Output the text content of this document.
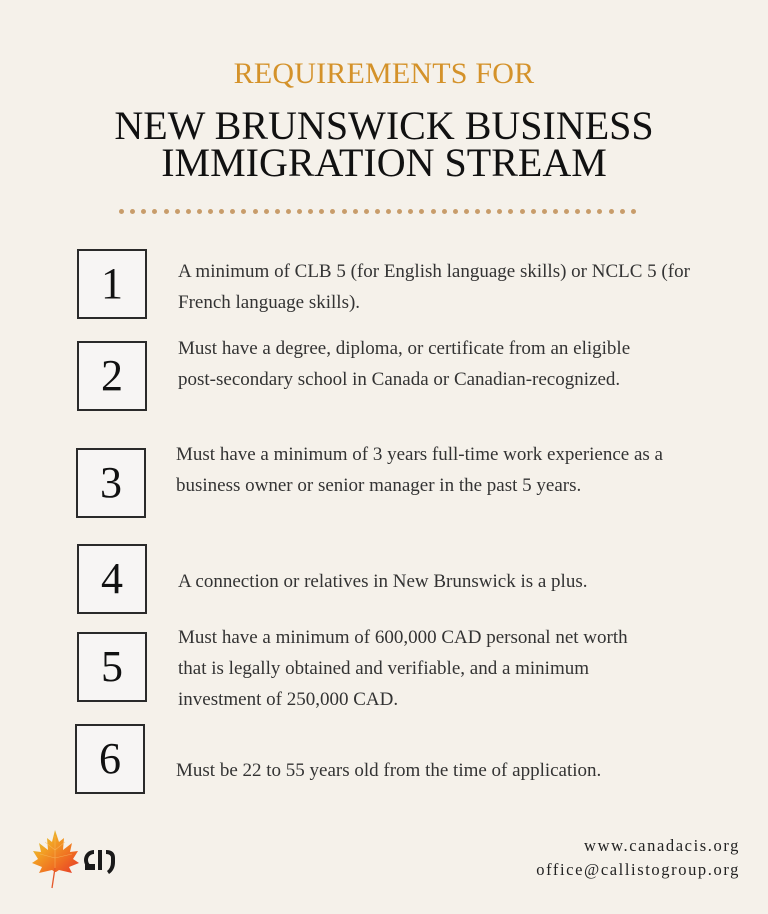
REQUIREMENTS FOR
NEW BRUNSWICK BUSINESS
IMMIGRATION STREAM
1	A minimum of CLB 5 (for English language skills) or NCLC 5 (for French language skills).
2
Must have a degree, diploma, or certificate from an eligible post-secondary school in Canada or Canadian-recognized.
3
Must have a minimum of 3 years full-time work experience as a business owner or senior manager in the past 5 years.
4	A connection or relatives in New Brunswick is a plus.
5
Must have a minimum of 600,000 CAD personal net worth that is legally obtained and verifiable, and a minimum investment of 250,000 CAD.
6	Must be 22 to 55 years old from the time of application.
www.canadacis.org
office@callistogroup.org
